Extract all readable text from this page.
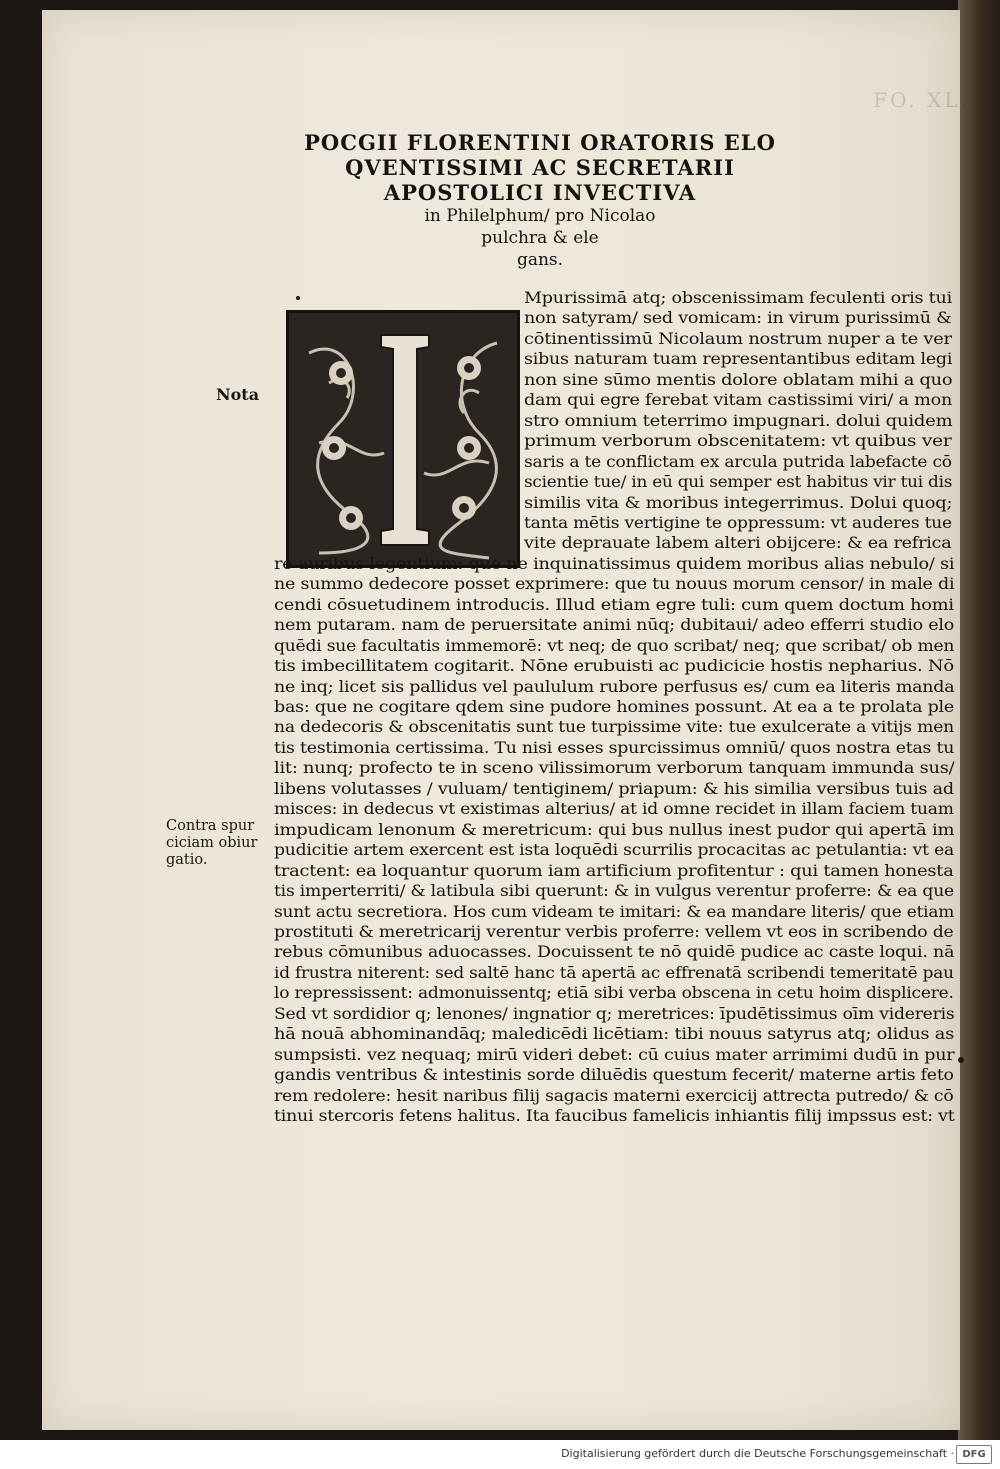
FO. XL.
POCGII FLORENTINI ORATORIS ELO
QVENTISSIMI AC SECRETARII
APOSTOLICI INVECTIVA
in Philelphum/ pro Nicolao
pulchra & ele
gans.
Nota
Contra spur
ciciam obiur
gatio.
Mpurissimā atq; obscenissimam feculenti oris tui
non satyram/ sed vomicam: in virum purissimū &
cōtinentissimū Nicolaum nostrum nuper a te ver
sibus naturam tuam representantibus editam legi
non sine sūmo mentis dolore oblatam mihi a quo
dam qui egre ferebat vitam castissimi viri/ a mon
stro omnium teterrimo impugnari. dolui quidem
primum verborum obscenitatem: vt quibus ver
saris a te conflictam ex arcula putrida labefacte cō
scientie tue/ in eū qui semper est habitus vir tui dis
similis vita & moribus integerrimus. Dolui quoq;
tanta mētis vertigine te oppressum: vt auderes tue
vite deprauate labem alteri obijcere: & ea refrica
re auribus legentium: que ne inquinatissimus quidem moribus alias nebulo/ si
ne summo dedecore posset exprimere: que tu nouus morum censor/ in male di
cendi cōsuetudinem introducis. Illud etiam egre tuli: cum quem doctum homi
nem putaram. nam de peruersitate animi nūq; dubitaui/ adeo efferri studio elo
quēdi sue facultatis immemorē: vt neq; de quo scribat/ neq; que scribat/ ob men
tis imbecillitatem cogitarit. Nōne erubuisti ac pudicicie hostis nepharius. Nō
ne inq; licet sis pallidus vel paululum rubore perfusus es/ cum ea literis manda
bas: que ne cogitare qdem sine pudore homines possunt. At ea a te prolata ple
na dedecoris & obscenitatis sunt tue turpissime vite: tue exulcerate a vitijs men
tis testimonia certissima. Tu nisi esses spurcissimus omniū/ quos nostra etas tu
lit: nunq; profecto te in sceno vilissimorum verborum tanquam immunda sus/
libens volutasses / vuluam/ tentiginem/ priapum: & his similia versibus tuis ad
misces: in dedecus vt existimas alterius/ at id omne recidet in illam faciem tuam
impudicam lenonum & meretricum: qui bus nullus inest pudor qui apertā im
pudicitie artem exercent est ista loquēdi scurrilis procacitas ac petulantia: vt ea
tractent: ea loquantur quorum iam artificium profitentur : qui tamen honesta
tis imperterriti/ & latibula sibi querunt: & in vulgus verentur proferre: & ea que
sunt actu secretiora. Hos cum videam te imitari: & ea mandare literis/ que etiam
prostituti & meretricarij verentur verbis proferre: vellem vt eos in scribendo de
rebus cōmunibus aduocasses. Docuissent te nō quidē pudice ac caste loqui. nā
id frustra niterent: sed saltē hanc tā apertā ac effrenatā scribendi temeritatē pau
lo repressissent: admonuissentq; etiā sibi verba obscena in cetu hoim displicere.
Sed vt sordidior q; lenones/ ingnatior q; meretrices: īpudētissimus oīm videreris
hā nouā abhominandāq; maledicēdi licētiam: tibi nouus satyrus atq; olidus as
sumpsisti. vez nequaq; mirū videri debet: cū cuius mater arrimimi dudū in pur
gandis ventribus & intestinis sorde diluēdis questum fecerit/ materne artis feto
rem redolere: hesit naribus filij sagacis materni exercicij attrecta putredo/ & cō
tinui stercoris fetens halitus. Ita faucibus famelicis inhiantis filij impssus est: vt
Digitalisierung gefördert durch die Deutsche Forschungsgemeinschaft · DFG
